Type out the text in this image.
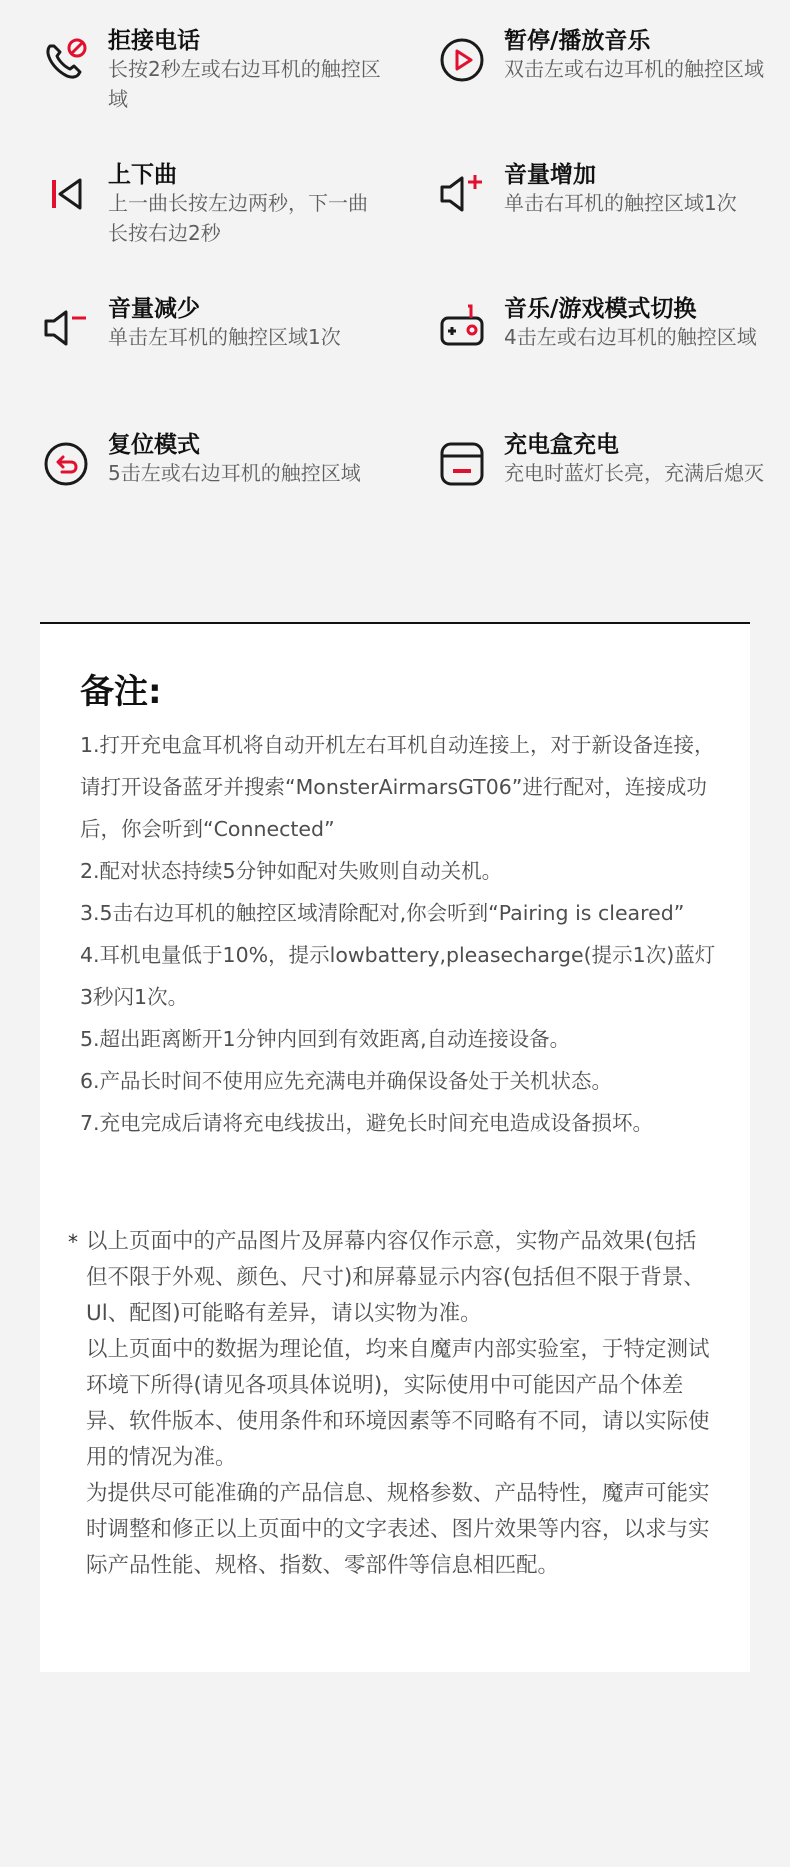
拒接电话
长按2秒左或右边耳机的触控区域
暂停/播放音乐
双击左或右边耳机的触控区域
上下曲
上一曲长按左边两秒，下一曲长按右边2秒
音量增加
单击右耳机的触控区域1次
音量减少
单击左耳机的触控区域1次
音乐/游戏模式切换
4击左或右边耳机的触控区域
复位模式
5击左或右边耳机的触控区域
充电盒充电
充电时蓝灯长亮，充满后熄灭
备注:
1.打开充电盒耳机将自动开机左右耳机自动连接上，对于新设备连接，请打开设备蓝牙并搜索“MonsterAirmarsGT06”进行配对，连接成功后，你会听到“Connected”
2.配对状态持续5分钟如配对失败则自动关机。
3.5击右边耳机的触控区域清除配对,你会听到“Pairing is cleared”
4.耳机电量低于10%，提示lowbattery,pleasecharge(提示1次)蓝灯3秒闪1次。
5.超出距离断开1分钟内回到有效距离,自动连接设备。
6.产品长时间不使用应先充满电并确保设备处于关机状态。
7.充电完成后请将充电线拔出，避免长时间充电造成设备损坏。
* 以上页面中的产品图片及屏幕内容仅作示意，实物产品效果(包括但不限于外观、颜色、尺寸)和屏幕显示内容(包括但不限于背景、 Ul、配图)可能略有差异，请以实物为准。
以上页面中的数据为理论值，均来自魔声内部实验室，于特定测试环境下所得(请见各项具体说明)，实际使用中可能因产品个体差异、软件版本、使用条件和环境因素等不同略有不同，请以实际使用的情况为准。
为提供尽可能准确的产品信息、规格参数、产品特性，魔声可能实时调整和修正以上页面中的文字表述、图片效果等内容，以求与实际产品性能、规格、指数、零部件等信息相匹配。
